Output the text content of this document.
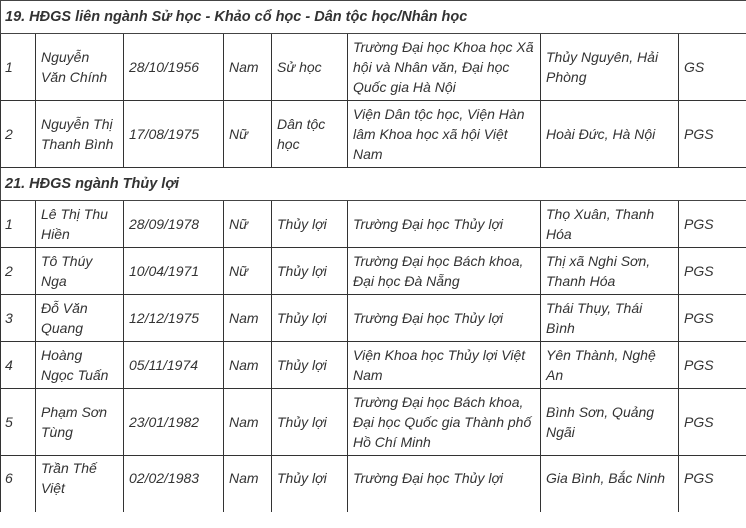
19. HĐGS liên ngành Sử học - Khảo cổ học - Dân tộc học/Nhân học							
1	Nguyễn Văn Chính	28/10/1956	Nam	Sử học	Trường Đại học Khoa học Xã hội và Nhân văn, Đại học Quốc gia Hà Nội	Thủy Nguyên, Hải Phòng	GS
2	Nguyễn Thị Thanh Bình	17/08/1975	Nữ	Dân tộc học	Viện Dân tộc học, Viện Hàn lâm Khoa học xã hội Việt Nam	Hoài Đức, Hà Nội	PGS
21. HĐGS ngành Thủy lợi							
1	Lê Thị Thu Hiền	28/09/1978	Nữ	Thủy lợi	Trường Đại học Thủy lợi	Thọ Xuân, Thanh Hóa	PGS
2	Tô Thúy Nga	10/04/1971	Nữ	Thủy lợi	Trường Đại học Bách khoa, Đại học Đà Nẵng	Thị xã Nghi Sơn, Thanh Hóa	PGS
3	Đỗ Văn Quang	12/12/1975	Nam	Thủy lợi	Trường Đại học Thủy lợi	Thái Thụy, Thái Bình	PGS
4	Hoàng Ngọc Tuấn	05/11/1974	Nam	Thủy lợi	Viện Khoa học Thủy lợi Việt Nam	Yên Thành, Nghệ An	PGS
5	Phạm Sơn Tùng	23/01/1982	Nam	Thủy lợi	Trường Đại học Bách khoa, Đại học Quốc gia Thành phố Hồ Chí Minh	Bình Sơn, Quảng Ngãi	PGS
6	Trần Thế Việt	02/02/1983	Nam	Thủy lợi	Trường Đại học Thủy lợi	Gia Bình, Bắc Ninh	PGS
